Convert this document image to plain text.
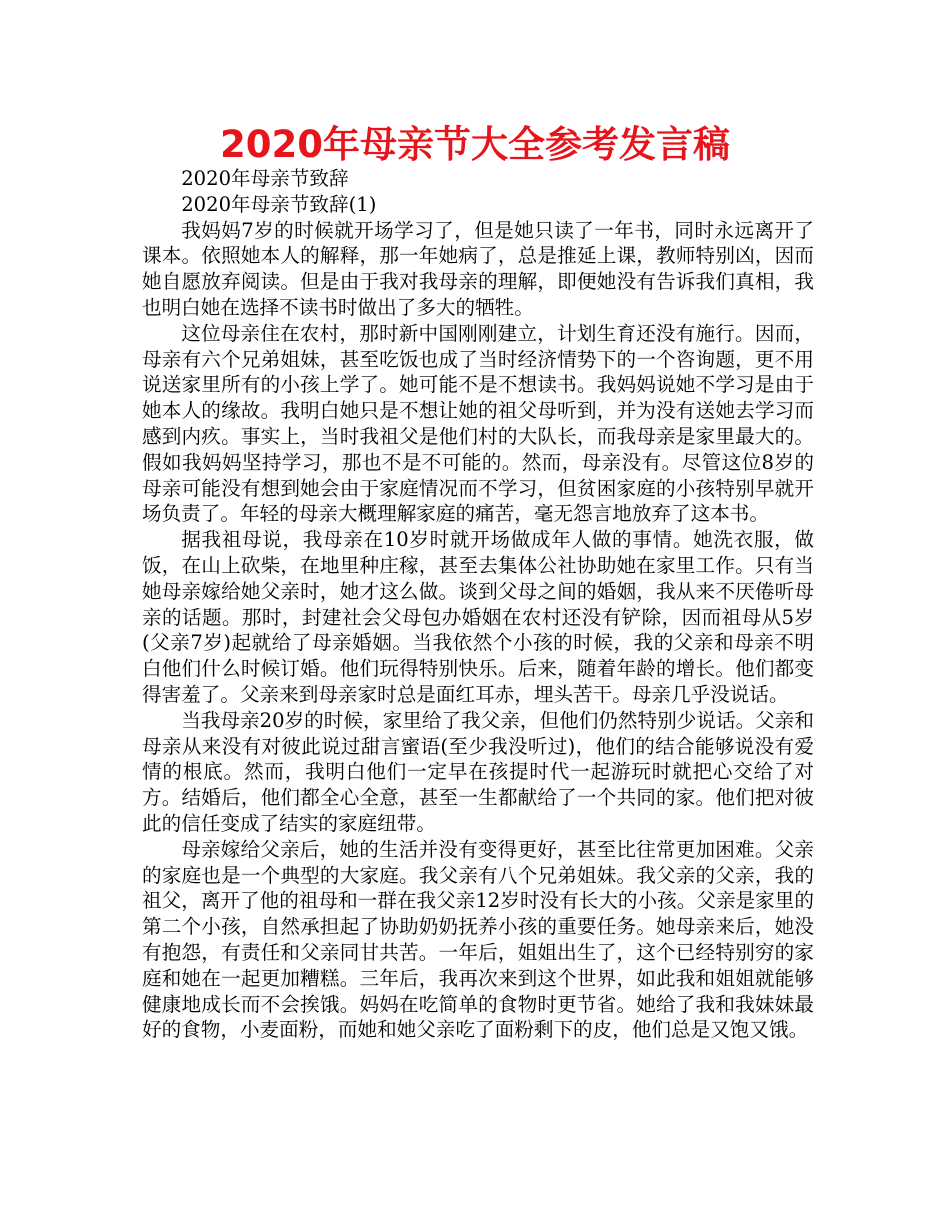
2020年母亲节大全参考发言稿

2020年母亲节致辞

2020年母亲节致辞(1)

我妈妈7岁的时候就开场学习了，但是她只读了一年书，同时永远离开了课本。依照她本人的解释，那一年她病了，总是推延上课，教师特别凶，因而她自愿放弃阅读。但是由于我对我母亲的理解，即便她没有告诉我们真相，我也明白她在选择不读书时做出了多大的牺牲。

这位母亲住在农村，那时新中国刚刚建立，计划生育还没有施行。因而，母亲有六个兄弟姐妹，甚至吃饭也成了当时经济情势下的一个咨询题，更不用说送家里所有的小孩上学了。她可能不是不想读书。我妈妈说她不学习是由于她本人的缘故。我明白她只是不想让她的祖父母听到，并为没有送她去学习而感到内疚。事实上，当时我祖父是他们村的大队长，而我母亲是家里最大的。假如我妈妈坚持学习，那也不是不可能的。然而，母亲没有。尽管这位8岁的母亲可能没有想到她会由于家庭情况而不学习，但贫困家庭的小孩特别早就开场负责了。年轻的母亲大概理解家庭的痛苦，毫无怨言地放弃了这本书。

据我祖母说，我母亲在10岁时就开场做成年人做的事情。她洗衣服，做饭，在山上砍柴，在地里种庄稼，甚至去集体公社协助她在家里工作。只有当她母亲嫁给她父亲时，她才这么做。谈到父母之间的婚姻，我从来不厌倦听母亲的话题。那时，封建社会父母包办婚姻在农村还没有铲除，因而祖母从5岁(父亲7岁)起就给了母亲婚姻。当我依然个小孩的时候，我的父亲和母亲不明白他们什么时候订婚。他们玩得特别快乐。后来，随着年龄的增长。他们都变得害羞了。父亲来到母亲家时总是面红耳赤，埋头苦干。母亲几乎没说话。

当我母亲20岁的时候，家里给了我父亲，但他们仍然特别少说话。父亲和母亲从来没有对彼此说过甜言蜜语(至少我没听过)，他们的结合能够说没有爱情的根底。然而，我明白他们一定早在孩提时代一起游玩时就把心交给了对方。结婚后，他们都全心全意，甚至一生都献给了一个共同的家。他们把对彼此的信任变成了结实的家庭纽带。

母亲嫁给父亲后，她的生活并没有变得更好，甚至比往常更加困难。父亲的家庭也是一个典型的大家庭。我父亲有八个兄弟姐妹。我父亲的父亲，我的祖父，离开了他的祖母和一群在我父亲12岁时没有长大的小孩。父亲是家里的第二个小孩，自然承担起了协助奶奶抚养小孩的重要任务。她母亲来后，她没有抱怨，有责任和父亲同甘共苦。一年后，姐姐出生了，这个已经特别穷的家庭和她在一起更加糟糕。三年后，我再次来到这个世界，如此我和姐姐就能够健康地成长而不会挨饿。妈妈在吃简单的食物时更节省。她给了我和我妹妹最好的食物，小麦面粉，而她和她父亲吃了面粉剩下的皮，他们总是又饱又饿。
